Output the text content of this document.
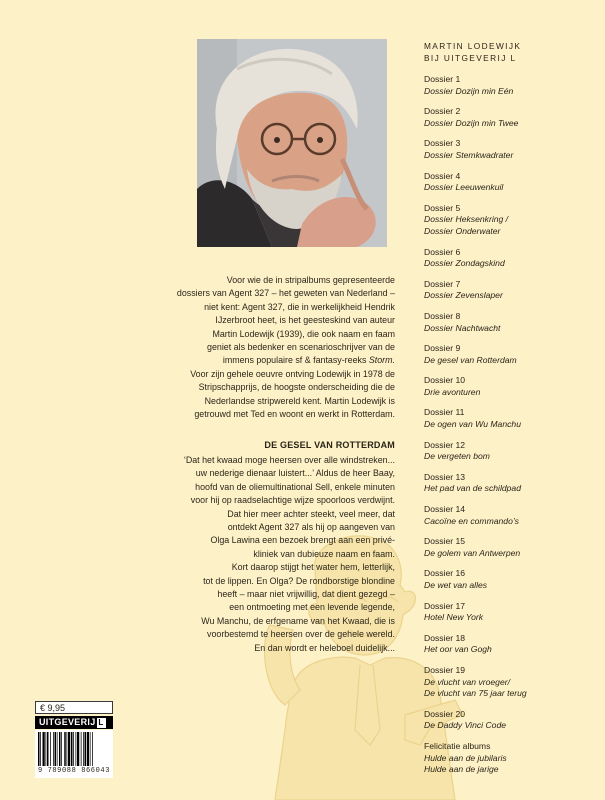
Voor wie de in stripalbums gepresenteerde
dossiers van Agent 327 – het geweten van Nederland –
niet kent: Agent 327, die in werkelijkheid Hendrik
IJzerbroot heet, is het geesteskind van auteur
Martin Lodewijk (1939), die ook naam en faam
geniet als bedenker en scenarioschrijver van de
immens populaire sf & fantasy-reeks Storm.
Voor zijn gehele oeuvre ontving Lodewijk in 1978 de
Stripschapprijs, de hoogste onderscheiding die de
Nederlandse stripwereld kent. Martin Lodewijk is
getrouwd met Ted en woont en werkt in Rotterdam.
DE GESEL VAN ROTTERDAM
‘Dat het kwaad moge heersen over alle windstreken...
uw nederige dienaar luistert...’ Aldus de heer Baay,
hoofd van de oliemultinational Sell, enkele minuten
voor hij op raadselachtige wijze spoorloos verdwijnt.
Dat hier meer achter steekt, veel meer, dat
ontdekt Agent 327 als hij op aangeven van
Olga Lawina een bezoek brengt aan een privé-
kliniek van dubieuze naam en faam.
Kort daarop stijgt het water hem, letterlijk,
tot de lippen. En Olga? De rondborstige blondine
heeft – maar niet vrijwillig, dat dient gezegd –
een ontmoeting met een levende legende,
Wu Manchu, de erfgename van het Kwaad, die is
voorbestemd te heersen over de gehele wereld.
En dan wordt er heleboel duidelijk...
MARTIN LODEWIJK
BIJ UITGEVERIJ L
Dossier 1
Dossier Dozijn min Eén
Dossier 2
Dossier Dozijn min Twee
Dossier 3
Dossier Stemkwadrater
Dossier 4
Dossier Leeuwenkuil
Dossier 5
Dossier Heksenkring /
Dossier Onderwater
Dossier 6
Dossier Zondagskind
Dossier 7
Dossier Zevenslaper
Dossier 8
Dossier Nachtwacht
Dossier 9
De gesel van Rotterdam
Dossier 10
Drie avonturen
Dossier 11
De ogen van Wu Manchu
Dossier 12
De vergeten bom
Dossier 13
Het pad van de schildpad
Dossier 14
Cacoïne en commando’s
Dossier 15
De golem van Antwerpen
Dossier 16
De wet van alles
Dossier 17
Hotel New York
Dossier 18
Het oor van Gogh
Dossier 19
De vlucht van vroeger/
De vlucht van 75 jaar terug
Dossier 20
De Daddy Vinci Code
Felicitatie albums
Hulde aan de jubilaris
Hulde aan de jarige
€ 9,95
UITGEVERIJ L
9 789088 866043
